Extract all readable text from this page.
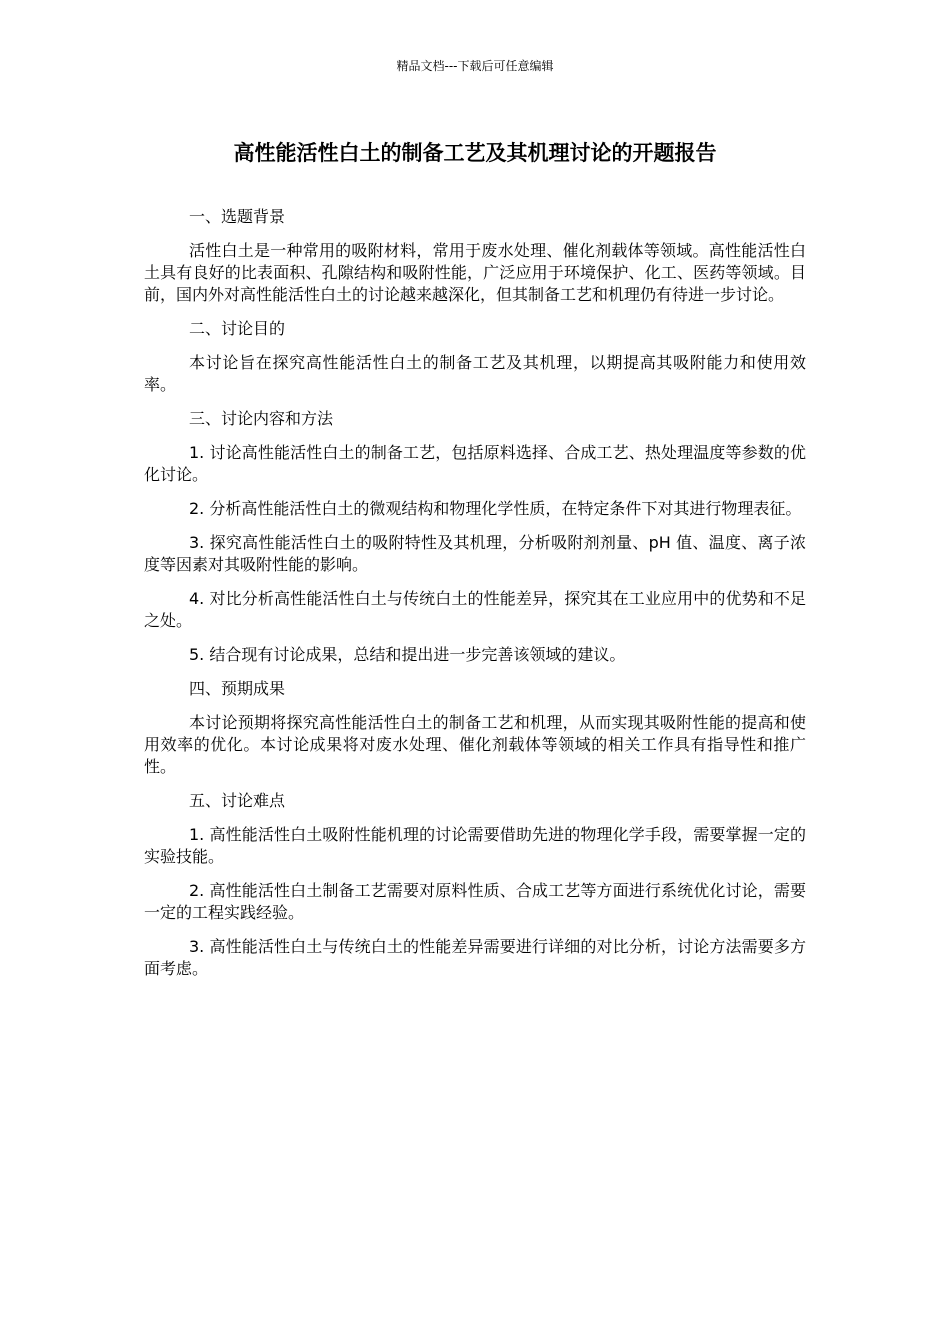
精品文档---下载后可任意编辑
高性能活性白土的制备工艺及其机理讨论的开题报告

一、选题背景

活性白土是一种常用的吸附材料，常用于废水处理、催化剂载体等领域。高性能活性白土具有良好的比表面积、孔隙结构和吸附性能，广泛应用于环境保护、化工、医药等领域。目前，国内外对高性能活性白土的讨论越来越深化，但其制备工艺和机理仍有待进一步讨论。

二、讨论目的

本讨论旨在探究高性能活性白土的制备工艺及其机理，以期提高其吸附能力和使用效率。

三、讨论内容和方法

1. 讨论高性能活性白土的制备工艺，包括原料选择、合成工艺、热处理温度等参数的优化讨论。

2. 分析高性能活性白土的微观结构和物理化学性质，在特定条件下对其进行物理表征。

3. 探究高性能活性白土的吸附特性及其机理，分析吸附剂剂量、pH 值、温度、离子浓度等因素对其吸附性能的影响。

4. 对比分析高性能活性白土与传统白土的性能差异，探究其在工业应用中的优势和不足之处。

5. 结合现有讨论成果，总结和提出进一步完善该领域的建议。

四、预期成果

本讨论预期将探究高性能活性白土的制备工艺和机理，从而实现其吸附性能的提高和使用效率的优化。本讨论成果将对废水处理、催化剂载体等领域的相关工作具有指导性和推广性。

五、讨论难点

1. 高性能活性白土吸附性能机理的讨论需要借助先进的物理化学手段，需要掌握一定的实验技能。

2. 高性能活性白土制备工艺需要对原料性质、合成工艺等方面进行系统优化讨论，需要一定的工程实践经验。

3. 高性能活性白土与传统白土的性能差异需要进行详细的对比分析，讨论方法需要多方面考虑。
